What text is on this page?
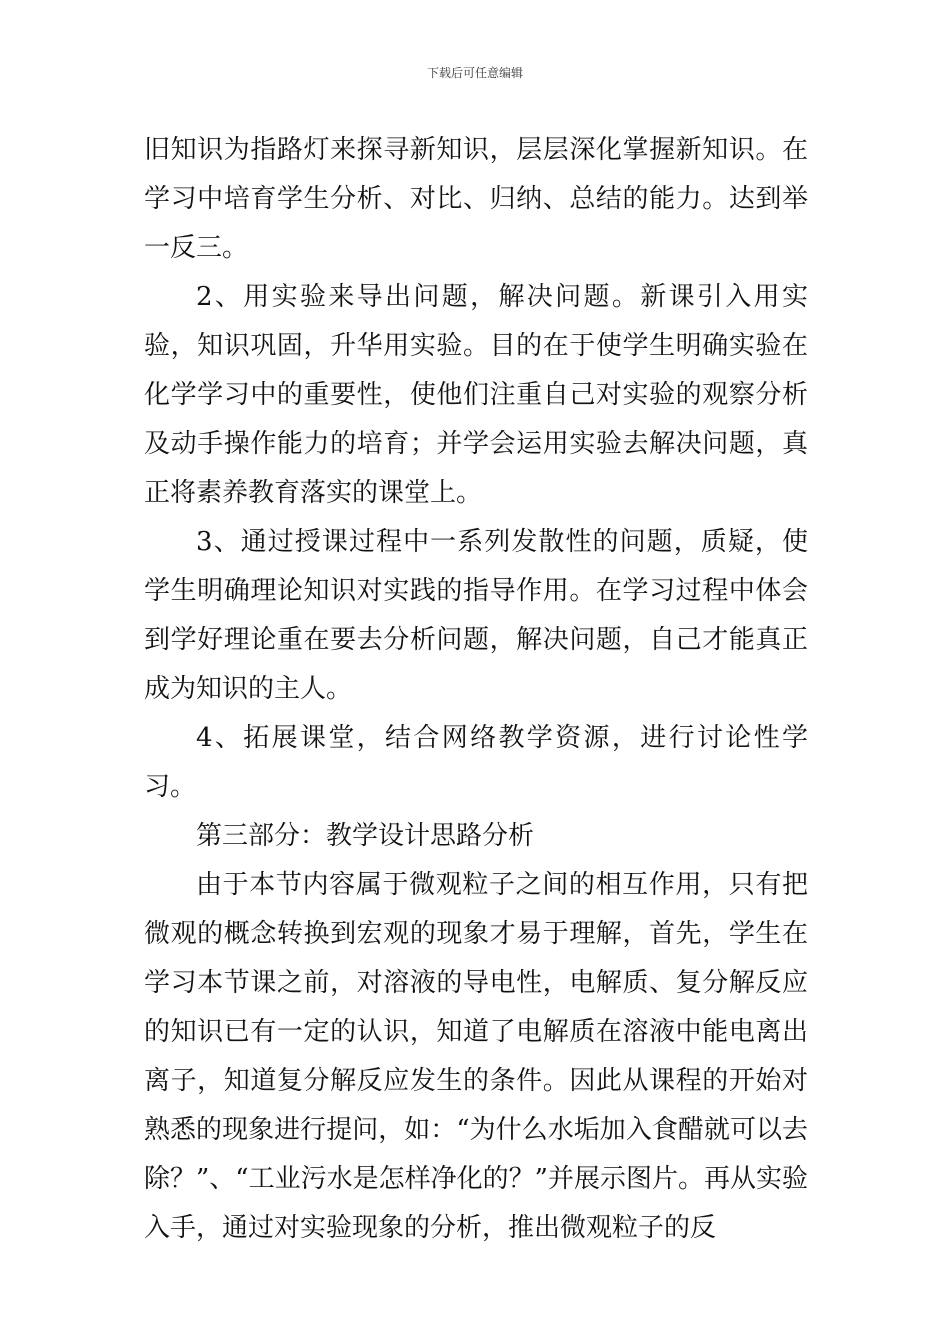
下载后可任意编辑

旧知识为指路灯来探寻新知识，层层深化掌握新知识。在学习中培育学生分析、对比、归纳、总结的能力。达到举一反三。

2、用实验来导出问题，解决问题。新课引入用实验，知识巩固，升华用实验。目的在于使学生明确实验在化学学习中的重要性，使他们注重自己对实验的观察分析及动手操作能力的培育；并学会运用实验去解决问题，真正将素养教育落实的课堂上。

3、通过授课过程中一系列发散性的问题，质疑，使学生明确理论知识对实践的指导作用。在学习过程中体会到学好理论重在要去分析问题，解决问题，自己才能真正成为知识的主人。

4、拓展课堂，结合网络教学资源，进行讨论性学习。

第三部分：教学设计思路分析

由于本节内容属于微观粒子之间的相互作用，只有把微观的概念转换到宏观的现象才易于理解，首先，学生在学习本节课之前，对溶液的导电性，电解质、复分解反应的知识已有一定的认识，知道了电解质在溶液中能电离出离子，知道复分解反应发生的条件。因此从课程的开始对熟悉的现象进行提问，如：“为什么水垢加入食醋就可以去除？”、“工业污水是怎样净化的？”并展示图片。再从实验入手，通过对实验现象的分析，推出微观粒子的反
